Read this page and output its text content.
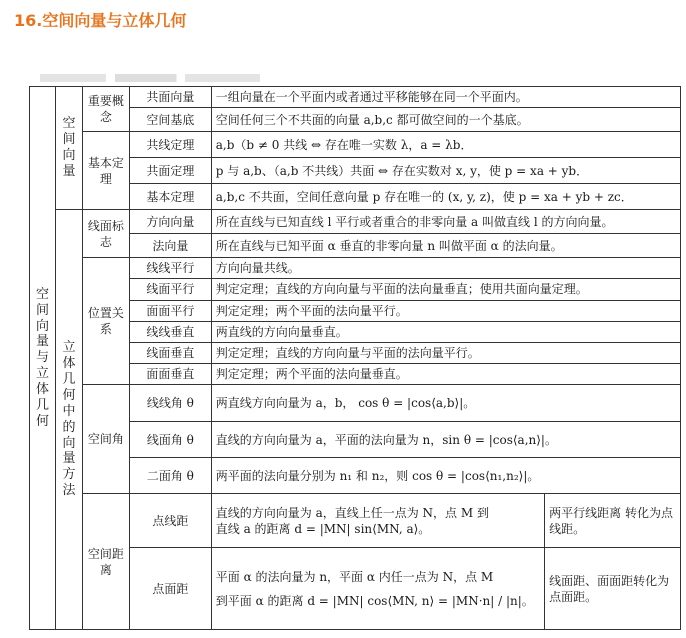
16.空间向量与立体几何
空间向量与立体几何	空间向量	重要概念	共面向量	一组向量在一个平面内或者通过平移能够在同一个平面内。	
			空间基底	空间任何三个不共面的向量 a,b,c 都可做空间的一个基底。	
		基本定理	共线定理	a,b（b ≠ 0 共线 ⇔ 存在唯一实数 λ，a = λb．	
			共面定理	p 与 a,b、（a,b 不共线）共面 ⇔ 存在实数对 x, y，使 p = xa + yb．	
			基本定理	a,b,c 不共面，空间任意向量 p 存在唯一的 (x, y, z)，使 p = xa + yb + zc．	
	立体几何中的向量方法	线面标志	方向向量	所在直线与已知直线 l 平行或者重合的非零向量 a 叫做直线 l 的方向向量。	
			法向量	所在直线与已知平面 α 垂直的非零向量 n 叫做平面 α 的法向量。	
		位置关系	线线平行	方向向量共线。	
			线面平行	判定定理；直线的方向向量与平面的法向量垂直；使用共面向量定理。	
			面面平行	判定定理；两个平面的法向量平行。	
			线线垂直	两直线的方向向量垂直。	
			线面垂直	判定定理；直线的方向向量与平面的法向量平行。	
			面面垂直	判定定理；两个平面的法向量垂直。	
		空间角	线线角 θ	两直线方向向量为 a，b， cos θ = |cos⟨a,b⟩|。	
			线面角 θ	直线的方向向量为 a，平面的法向量为 n，sin θ = |cos⟨a,n⟩|。	
			二面角 θ	两平面的法向量分别为 n₁ 和 n₂，则 cos θ = |cos⟨n₁,n₂⟩|。	
		空间距离	点线距	直线的方向向量为 a，直线上任一点为 N，点 M 到
直线 a 的距离 d = |MN| sin⟨MN, a⟩。	两平行线距离 转化为点线距。
			点面距	平面 α 的法向量为 n，平面 α 内任一点为 N，点 M
到平面 α 的距离 d = |MN| cos⟨MN, n⟩ = |MN·n| / |n|。	线面距、面面距转化为点面距。
